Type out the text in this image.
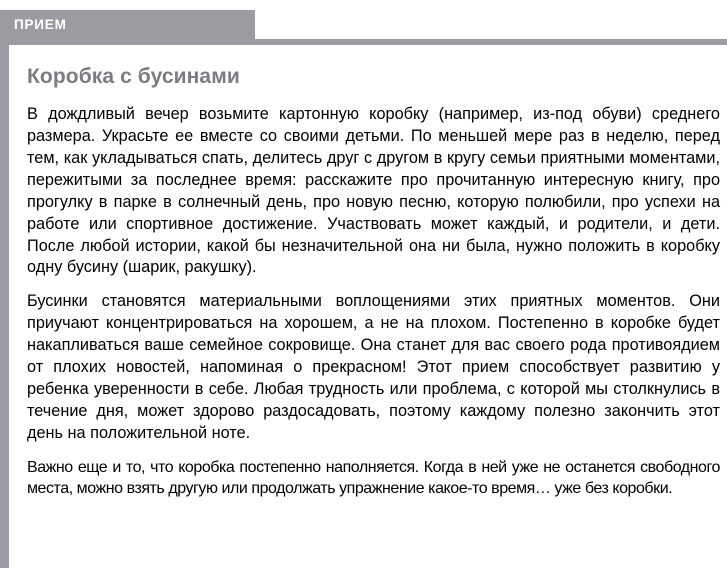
ПРИЕМ
Коробка с бусинами

В дождливый вечер возьмите картонную коробку (например, из-под обуви) среднего размера. Украсьте ее вместе со своими детьми. По меньшей мере раз в неделю, перед тем, как укладываться спать, делитесь друг с другом в кругу семьи приятными моментами, пережитыми за последнее время: расскажите про прочитанную интересную книгу, про прогулку в парке в солнечный день, про новую песню, которую полюбили, про успехи на работе или спортивное достижение. Участвовать может каждый, и родители, и дети. После любой истории, какой бы незначительной она ни была, нужно положить в коробку одну бусину (шарик, ракушку).

Бусинки становятся материальными воплощениями этих приятных моментов. Они приучают концентрироваться на хорошем, а не на плохом. Постепенно в коробке будет накапливаться ваше семейное сокровище. Она станет для вас своего рода противоядием от плохих новостей, напоминая о прекрасном! Этот прием способствует развитию у ребенка уверенности в себе. Любая трудность или проблема, с которой мы столкнулись в течение дня, может здорово раздосадовать, поэтому каждому полезно закончить этот день на положительной ноте.

Важно еще и то, что коробка постепенно наполняется. Когда в ней уже не останется свободного места, можно взять другую или продолжать упражнение какое-то время… уже без коробки.
